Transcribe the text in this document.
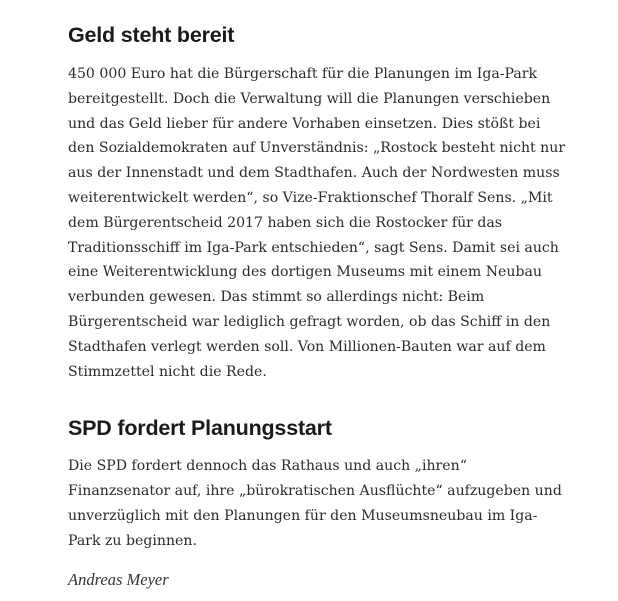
Geld steht bereit

450 000 Euro hat die Bürgerschaft für die Planungen im Iga-Park bereitgestellt. Doch die Verwaltung will die Planungen verschieben und das Geld lieber für andere Vorhaben einsetzen. Dies stößt bei den Sozialdemokraten auf Unverständnis: „Rostock besteht nicht nur aus der Innenstadt und dem Stadthafen. Auch der Nordwesten muss weiterentwickelt werden“, so Vize-Fraktionschef Thoralf Sens. „Mit dem Bürgerentscheid 2017 haben sich die Rostocker für das Traditionsschiff im Iga-Park entschieden“, sagt Sens. Damit sei auch eine Weiterentwicklung des dortigen Museums mit einem Neubau verbunden gewesen. Das stimmt so allerdings nicht: Beim Bürgerentscheid war lediglich gefragt worden, ob das Schiff in den Stadthafen verlegt werden soll. Von Millionen-Bauten war auf dem Stimmzettel nicht die Rede.

SPD fordert Planungsstart

Die SPD fordert dennoch das Rathaus und auch „ihren“ Finanzsenator auf, ihre „bürokratischen Ausflüchte“ aufzugeben und unverzüglich mit den Planungen für den Museumsneubau im Iga-Park zu beginnen.

Andreas Meyer
